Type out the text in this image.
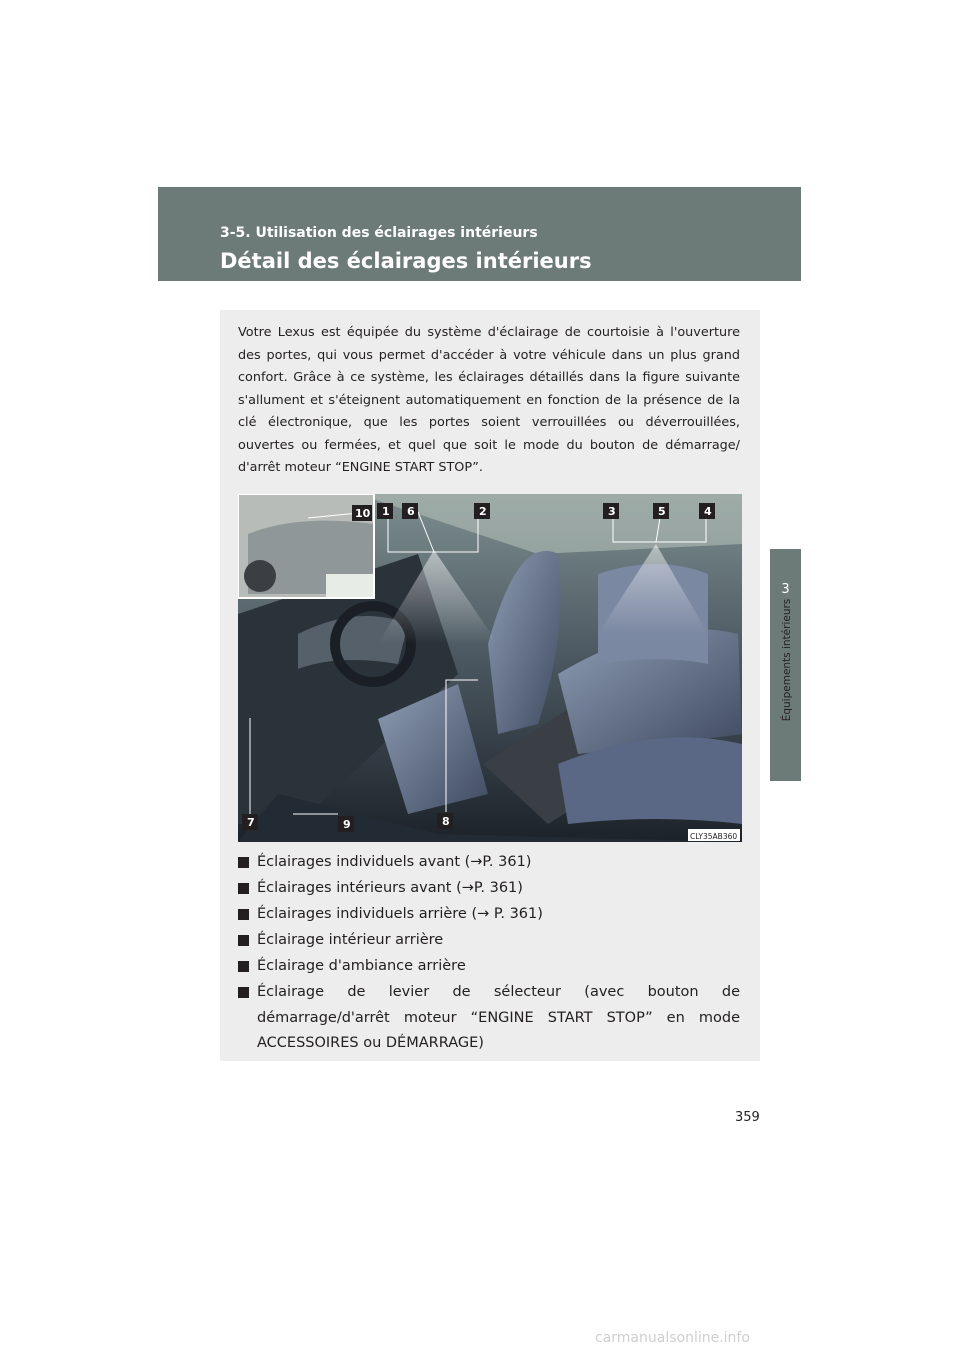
3-5. Utilisation des éclairages intérieurs
Détail des éclairages intérieurs
3
Équipements intérieurs
Votre Lexus est équipée du système d'éclairage de courtoisie à l'ouverture des portes, qui vous permet d'accéder à votre véhicule dans un plus grand confort. Grâce à ce système, les éclairages détaillés dans la figure suivante s'allument et s'éteignent automatiquement en fonction de la présence de la clé électronique, que les portes soient verrouillées ou déverrouillées, ouvertes ou fermées, et quel que soit le mode du bouton de démarrage/ d'arrêt moteur “ENGINE START STOP”.
1 6	2	3	5	4
10
7	9	8
CLY35AB360
Éclairages individuels avant (→P. 361)
Éclairages intérieurs avant (→P. 361)
Éclairages individuels arrière (→ P. 361)
Éclairage intérieur arrière
Éclairage d'ambiance arrière
Éclairage de levier de sélecteur (avec bouton de démarrage/d'arrêt moteur “ENGINE START STOP” en mode ACCESSOIRES ou DÉMARRAGE)
359
carmanualsonline.info
